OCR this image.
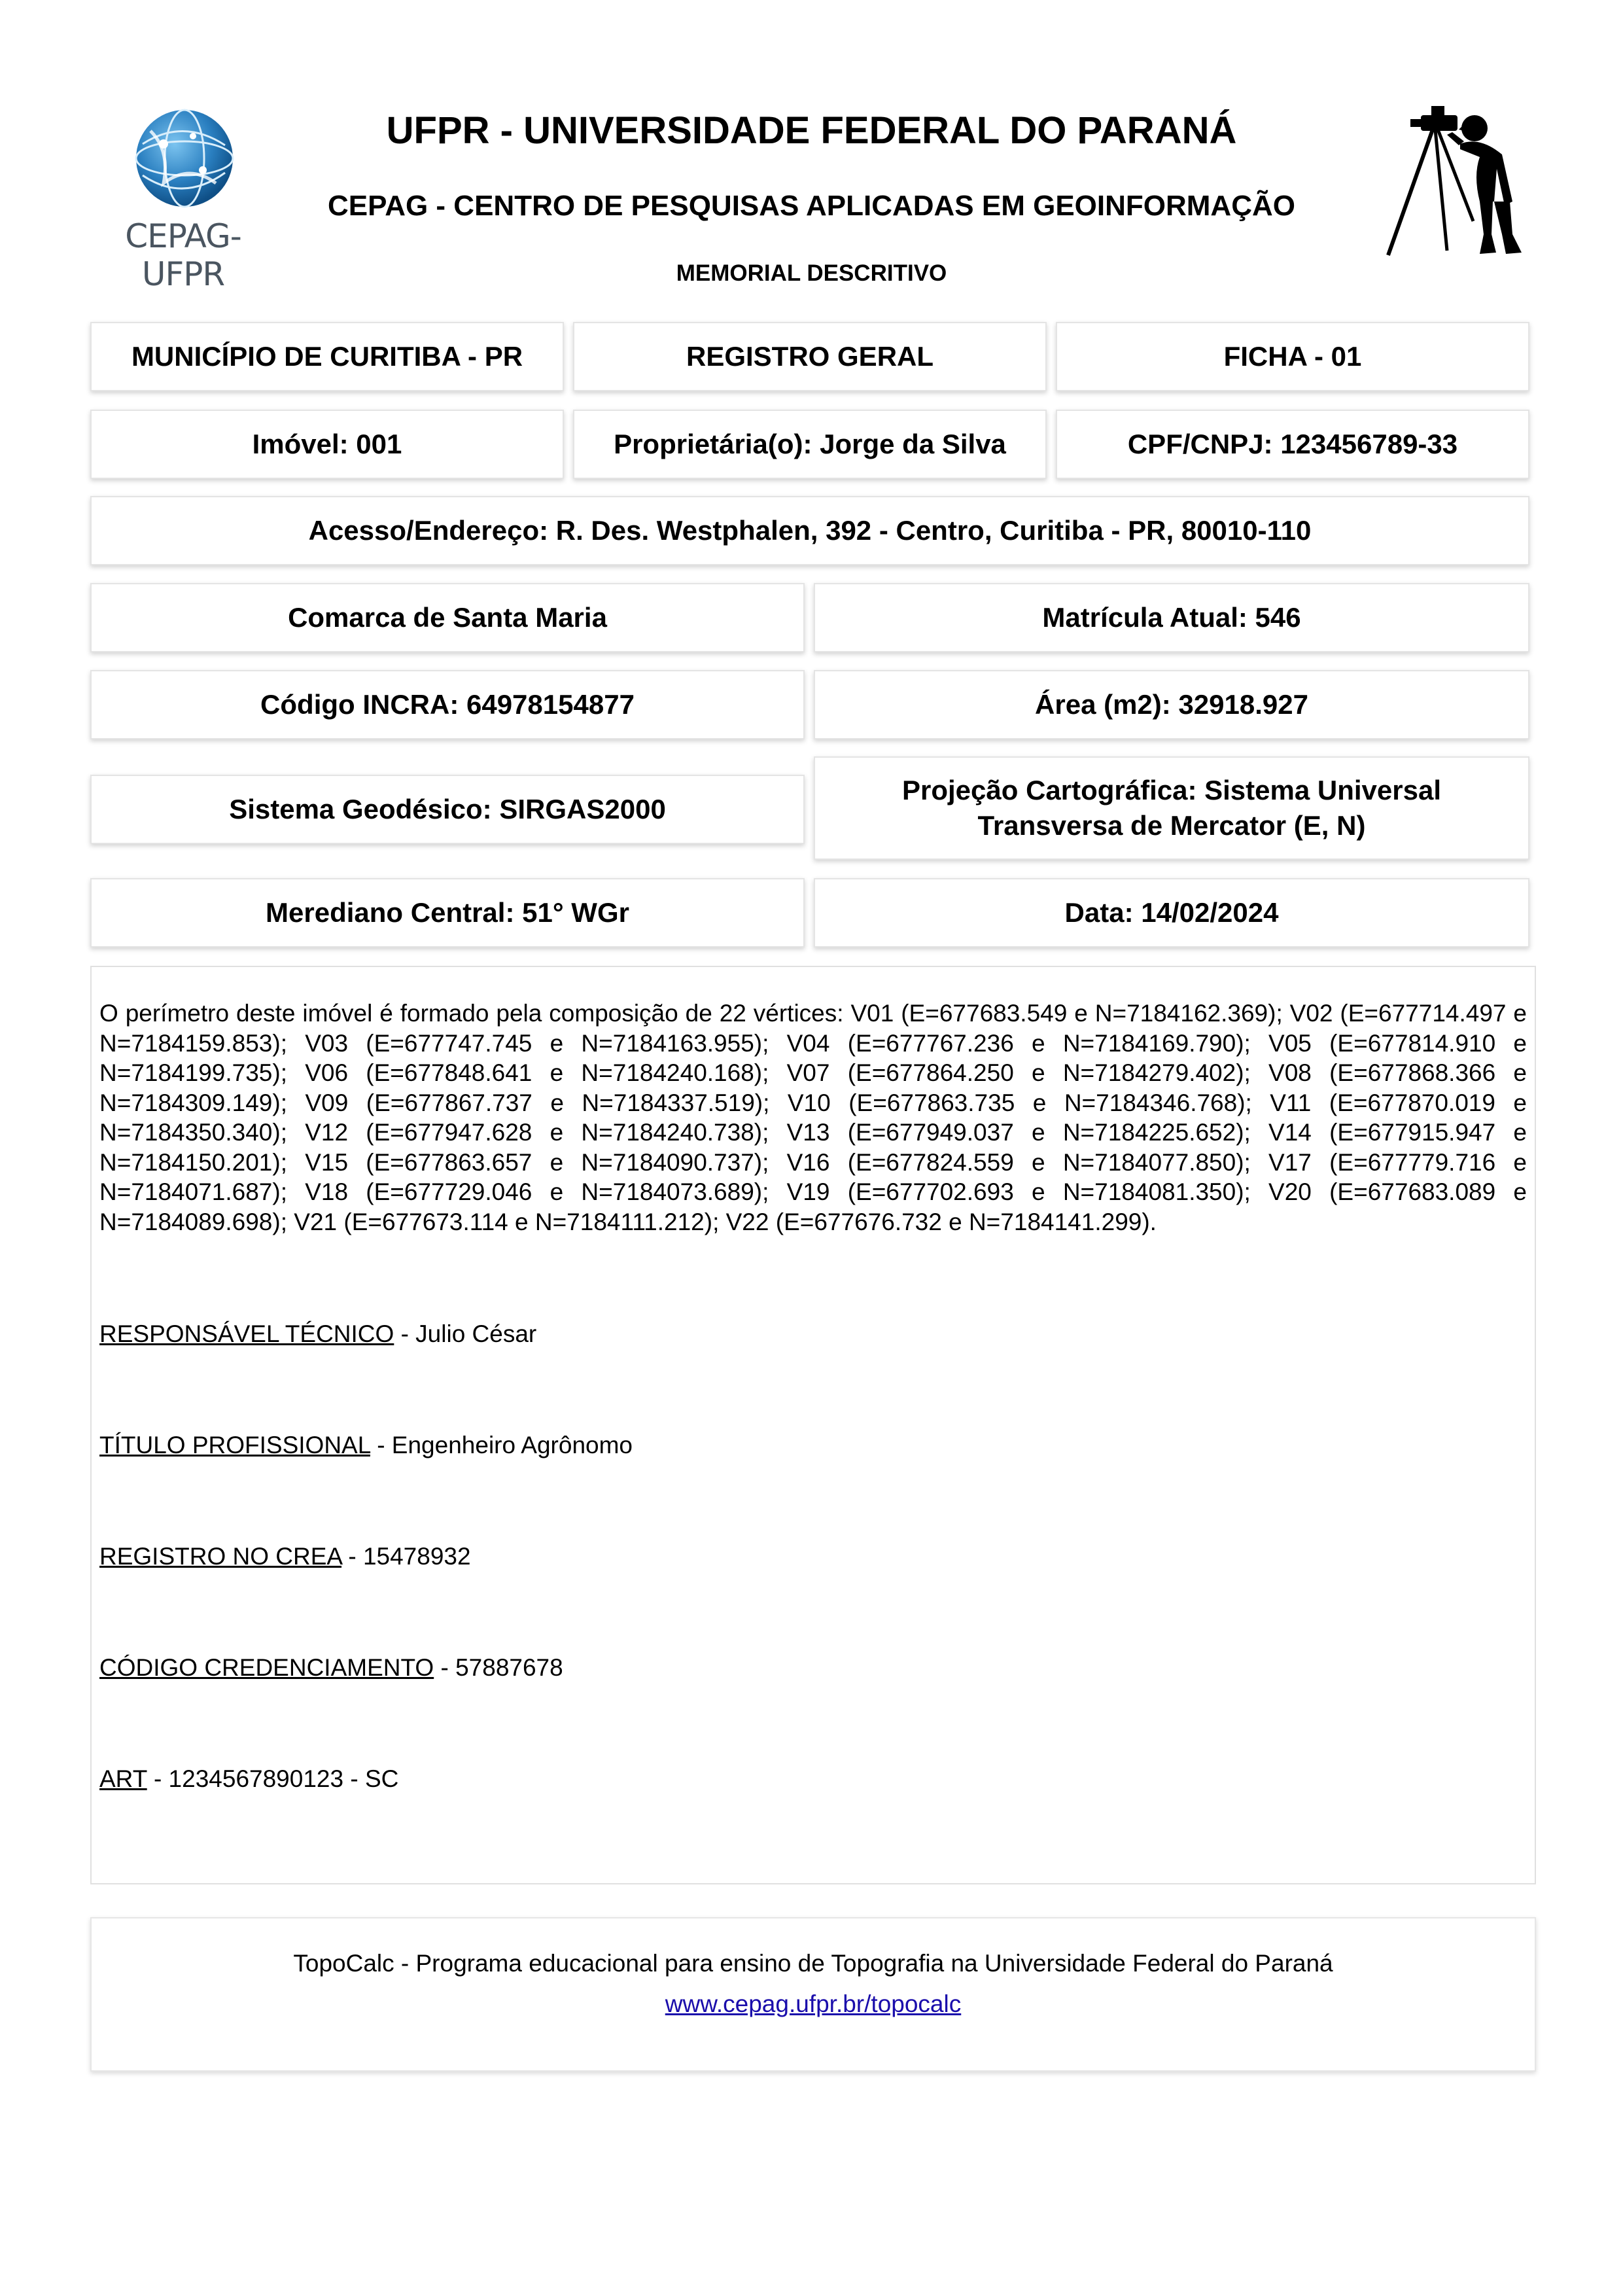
CEPAG-UFPR
UFPR - UNIVERSIDADE FEDERAL DO PARANÁ
CEPAG - CENTRO DE PESQUISAS APLICADAS EM GEOINFORMAÇÃO
MEMORIAL DESCRITIVO
MUNICÍPIO DE CURITIBA - PR	REGISTRO GERAL	FICHA - 01
Imóvel: 001	Proprietária(o): Jorge da Silva	CPF/CNPJ: 123456789-33
Acesso/Endereço: R. Des. Westphalen, 392 - Centro, Curitiba - PR, 80010-110
Comarca de Santa Maria	Matrícula Atual: 546
Código INCRA: 64978154877	Área (m2): 32918.927
Sistema Geodésico: SIRGAS2000
Projeção Cartográfica: Sistema Universal
Transversa de Mercator (E, N)
Merediano Central: 51° WGr	Data: 14/02/2024
O perímetro deste imóvel é formado pela composição de 22 vértices: V01 (E=677683.549 e N=7184162.369); V02 (E=677714.497 e N=7184159.853); V03 (E=677747.745 e N=7184163.955); V04 (E=677767.236 e N=7184169.790); V05 (E=677814.910 e N=7184199.735); V06 (E=677848.641 e N=7184240.168); V07 (E=677864.250 e N=7184279.402); V08 (E=677868.366 e N=7184309.149); V09 (E=677867.737 e N=7184337.519); V10 (E=677863.735 e N=7184346.768); V11 (E=677870.019 e N=7184350.340); V12 (E=677947.628 e N=7184240.738); V13 (E=677949.037 e N=7184225.652); V14 (E=677915.947 e N=7184150.201); V15 (E=677863.657 e N=7184090.737); V16 (E=677824.559 e N=7184077.850); V17 (E=677779.716 e N=7184071.687); V18 (E=677729.046 e N=7184073.689); V19 (E=677702.693 e N=7184081.350); V20 (E=677683.089 e N=7184089.698); V21 (E=677673.114 e N=7184111.212); V22 (E=677676.732 e N=7184141.299).
RESPONSÁVEL TÉCNICO - Julio César
TÍTULO PROFISSIONAL - Engenheiro Agrônomo
REGISTRO NO CREA - 15478932
CÓDIGO CREDENCIAMENTO - 57887678
ART - 1234567890123 - SC
TopoCalc - Programa educacional para ensino de Topografia na Universidade Federal do Paraná
www.cepag.ufpr.br/topocalc
